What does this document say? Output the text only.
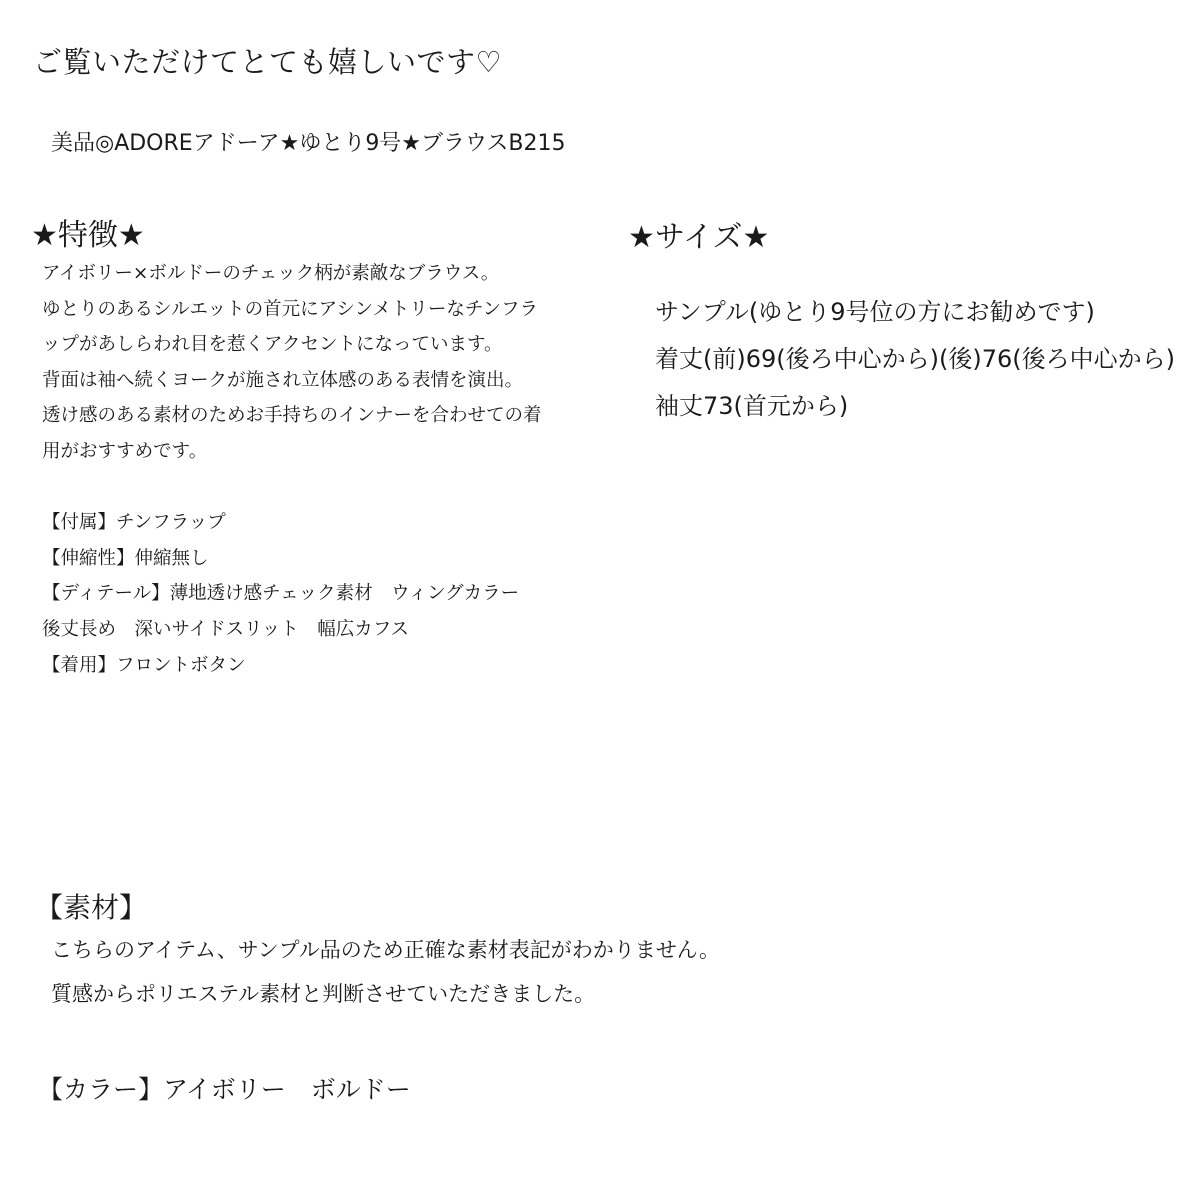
ご覧いただけてとても嬉しいです♡
美品◎ADOREアドーア★ゆとり9号★ブラウスB215
★特徴★
アイボリー×ボルドーのチェック柄が素敵なブラウス。
ゆとりのあるシルエットの首元にアシンメトリーなチンフラ
ップがあしらわれ目を惹くアクセントになっています。
背面は袖へ続くヨークが施され立体感のある表情を演出。
透け感のある素材のためお手持ちのインナーを合わせての着
用がおすすめです。
【付属】チンフラップ
【伸縮性】伸縮無し
【ディテール】薄地透け感チェック素材　ウィングカラー
後丈長め　深いサイドスリット　幅広カフス
【着用】フロントボタン
★サイズ★
サンプル(ゆとり9号位の方にお勧めです)
着丈(前)69(後ろ中心から)(後)76(後ろ中心から)
袖丈73(首元から)
【素材】
こちらのアイテム、サンプル品のため正確な素材表記がわかりません。
質感からポリエステル素材と判断させていただきました。
【カラー】アイボリー　ボルドー
